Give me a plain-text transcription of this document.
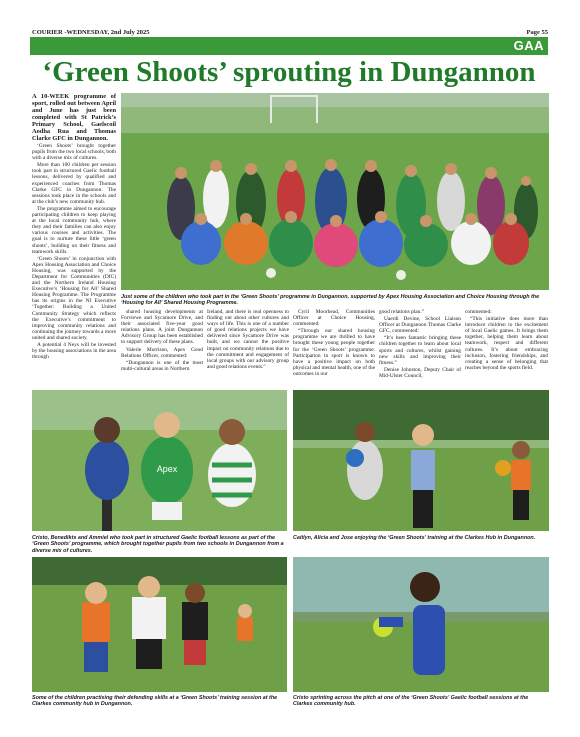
COURIER -WEDNESDAY, 2nd July 2025	Page 55
GAA
‘Green Shoots’ sprouting in Dungannon

A 10-WEEK programme of sport, rolled out between April and June has just been completed with St Patrick’s Primary School, Gaelscoil Aodha Rua and Thomas Clarke GFC in Dungannon.

‘Green Shoots’ brought together pupils from the two local schools, both with a diverse mix of cultures.

More than 100 children per session took part in structured Gaelic football lessons, delivered by qualified and experienced coaches from Thomas Clarke GFC in Dungannon. The sessions took place in the schools and at the club’s new community hub.

The programme aimed to encourage participating children to keep playing at the local community hub, where they and their families can also enjoy various courses and activities. The goal is to nurture these little ‘green shoots’, building on their fitness and teamwork skills.

‘Green Shoots’ in conjunction with Apex Housing Association and Choice Housing, was supported by the Department for Communities (DfC) and the Northern Ireland Housing Executive’s ‘Housing for All’ Shared Housing Programme. The Programme has its origins in the NI Executive ‘Together: Building a United Community Strategy which reflects the Executive’s commitment to improving community relations and continuing the journey towards a more united and shared society.

A potential 4 Neys will be invested by the housing associations in the area through

Just some of the children who took part in the ‘Green Shoots’ programme in Dungannon, supported by Apex Housing Association and Choice Housing through the ‘Housing for All’ Shared Housing Programme.

shared housing developments at Forviewe and Sycamore Drive, and their associated five-year good relations plans. A joint Dungannon Advisory Group has been established to support delivery of these plans.

Valerie Morrison, Apex Good Relations Officer, commented:

“Dungannon is one of the most multi-cultural areas in Northern

Ireland, and there is real openness to finding out about other cultures and ways of life. This is one of a number of good relations projects we have delivered since Sycamore Drive was built, and we cannot the positive impact on community relations due to the commitment and engagement of local groups with our advisory group and good relations events.”

Cyril Moorhead, Communities Officer at Choice Housing, commented:

“Through our shared housing programme we are thrilled to have brought these young people together for the ‘Green Shoots’ programme. Participation in sport is known to have a positive impact on both physical and mental health, one of the outcomes in our

good relations plan.”

Uaerdi Devine, School Liaison Officer at Dungannon Thomas Clarke GFC, commented:

“It’s been fantastic bringing these children together to learn about local sports and cultures, whilst gaining new skills and improving their fitness.”

Denise Johnston, Deputy Chair of Mid-Ulster Council,

commented:

“This initiative does more than introduce children to the excitement of local Gaelic games. It brings them together, helping them learn about teamwork, respect and different cultures. It’s about embracing inclusion, fostering friendships, and creating a sense of belonging that reaches beyond the sports field.

Apex
Cristo, Benedikts and Ammiel who took part in structured Gaelic football lessons as part of the ‘Green Shoots’ programme, which brought together pupils from two schools in Dungannon from a diverse mix of cultures.
Caitlyn, Alicia and Jose enjoying the ‘Green Shoots’ training at the Clarkes Hub in Dungannon.
Some of the children practising their defending skills at a ‘Green Shoots’ training session at the Clarkes community hub in Dungannon.
Cristo sprinting across the pitch at one of the ‘Green Shoots’ Gaelic football sessions at the Clarkes community hub.
